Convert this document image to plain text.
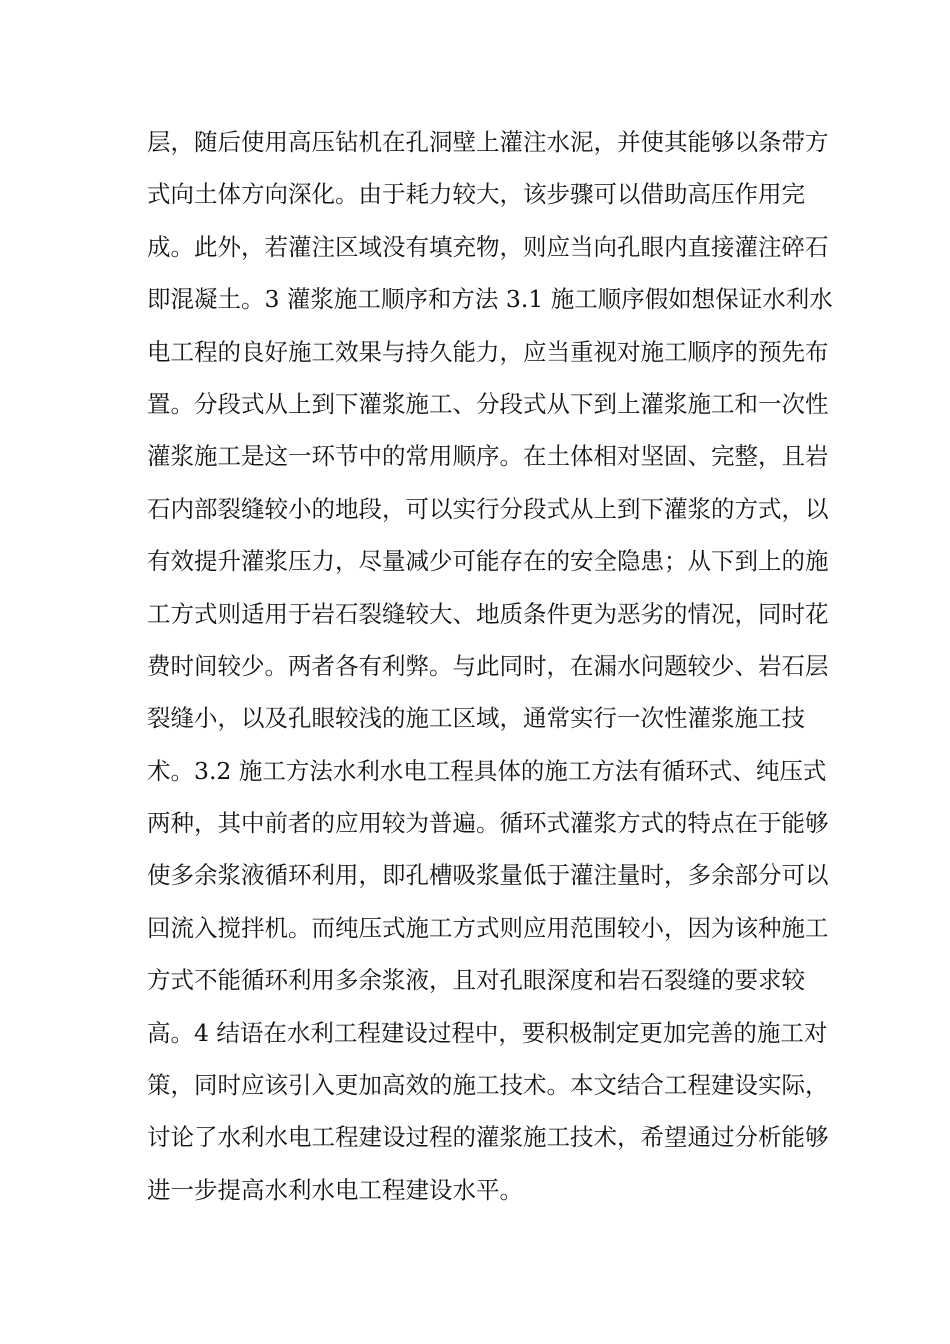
层，随后使用高压钻机在孔洞壁上灌注水泥，并使其能够以条带方
式向土体方向深化。由于耗力较大，该步骤可以借助高压作用完
成。此外，若灌注区域没有填充物，则应当向孔眼内直接灌注碎石
即混凝土。3 灌浆施工顺序和方法 3.1 施工顺序假如想保证水利水
电工程的良好施工效果与持久能力，应当重视对施工顺序的预先布
置。分段式从上到下灌浆施工、分段式从下到上灌浆施工和一次性
灌浆施工是这一环节中的常用顺序。在土体相对坚固、完整，且岩
石内部裂缝较小的地段，可以实行分段式从上到下灌浆的方式，以
有效提升灌浆压力，尽量减少可能存在的安全隐患；从下到上的施
工方式则适用于岩石裂缝较大、地质条件更为恶劣的情况，同时花
费时间较少。两者各有利弊。与此同时，在漏水问题较少、岩石层
裂缝小，以及孔眼较浅的施工区域，通常实行一次性灌浆施工技
术。3.2 施工方法水利水电工程具体的施工方法有循环式、纯压式
两种，其中前者的应用较为普遍。循环式灌浆方式的特点在于能够
使多余浆液循环利用，即孔槽吸浆量低于灌注量时，多余部分可以
回流入搅拌机。而纯压式施工方式则应用范围较小，因为该种施工
方式不能循环利用多余浆液，且对孔眼深度和岩石裂缝的要求较
高。4 结语在水利工程建设过程中，要积极制定更加完善的施工对
策，同时应该引入更加高效的施工技术。本文结合工程建设实际，
讨论了水利水电工程建设过程的灌浆施工技术，希望通过分析能够
进一步提高水利水电工程建设水平。
